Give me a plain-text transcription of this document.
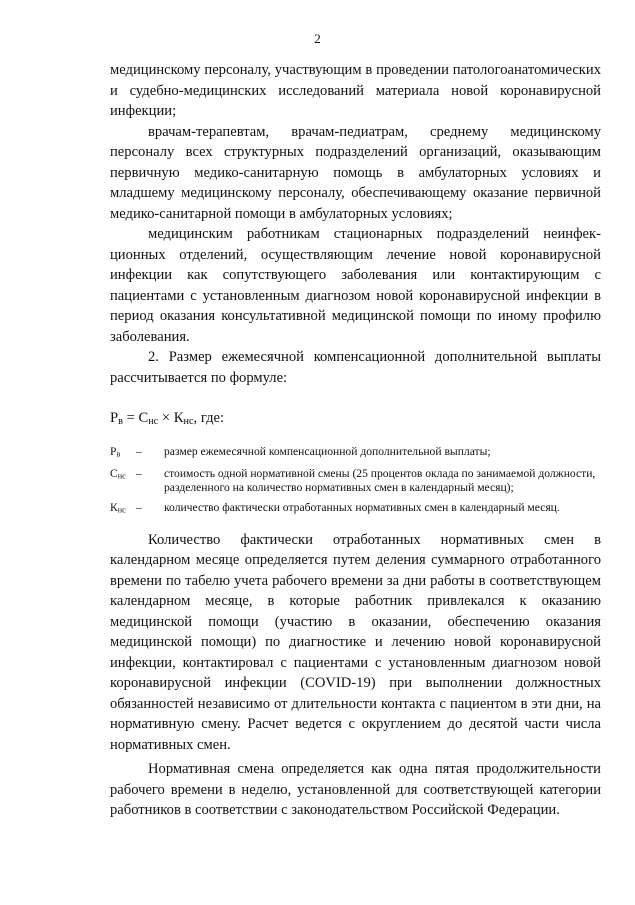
2

медицинскому персоналу, участвующим в проведении патологоанатомических и судебно-медицинских исследований материала новой коронавирусной инфекции;

врачам-терапевтам, врачам-педиатрам, среднему медицинскому персоналу всех структурных подразделений организаций, оказывающим первичную медико-санитарную помощь в амбулаторных условиях и младшему медицинскому персоналу, обеспечивающему оказание первичной медико-санитарной помощи в амбулаторных условиях;

медицинским работникам стационарных подразделений неинфекционных отделений, осуществляющим лечение новой коронавирусной инфекции как сопутствующего заболевания или контактирующим с пациентами с установленным диагнозом новой коронавирусной инфекции в период оказания консультативной медицинской помощи по иному профилю заболевания.

2. Размер ежемесячной компенсационной дополнительной выплаты рассчитывается по формуле:

$Р_в = С_{нс} \times К_{нс}$, где:

$Р_в$	–	размер ежемесячной компенсационной дополнительной выплаты;
$С_{нс}$ –	стоимость одной нормативной смены (25 процентов оклада по занимаемой должности, разделенного на количество нормативных смен в календарный месяц);
$К_{нс}$ –	количество фактически отработанных нормативных смен в календарный месяц.

Количество фактически отработанных нормативных смен в календарном месяце определяется путем деления суммарного отработанного времени по табелю учета рабочего времени за дни работы в соответствующем календарном месяце, в которые работник привлекался к оказанию медицинской помощи (участию в оказании, обеспечению оказания медицинской помощи) по диагностике и лечению новой коронавирусной инфекции, контактировал с пациентами с установленным диагнозом новой коронавирусной инфекции (COVID-19) при выполнении должностных обязанностей независимо от длительности контакта с пациентом в эти дни, на нормативную смену. Расчет ведется с округлением до десятой части числа нормативных смен.

Нормативная смена определяется как одна пятая продолжительности рабочего времени в неделю, установленной для соответствующей категории работников в соответствии с законодательством Российской Федерации.
